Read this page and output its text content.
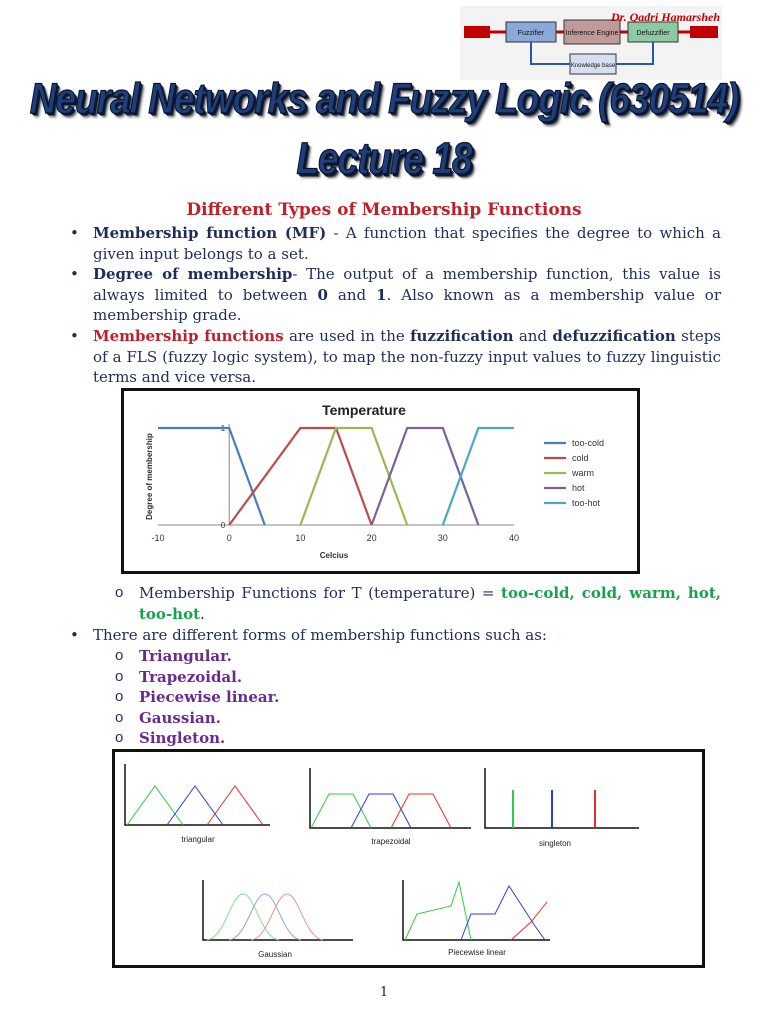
Fuzzifier	Inference Engine	Defuzzifier
Knowledge base
Dr. Qadri Hamarsheh
Neural Networks and Fuzzy Logic (630514)
Lecture 18
Different Types of Membership Functions
• Membership function (MF) - A function that specifies the degree to which a given input belongs to a set.
• Degree of membership- The output of a membership function, this value is always limited to between 0 and 1. Also known as a membership value or membership grade.
• Membership functions are used in the fuzzification and defuzzification steps of a FLS (fuzzy logic system), to map the non-fuzzy input values to fuzzy linguistic terms and vice versa.
Temperature
-10	0	10	20	30	40
0
1
Celcius
Degree of membership	too-cold
cold
warm
hot
too-hot
o Membership Functions for T (temperature) = too-cold, cold, warm, hot, too-hot.
• There are different forms of membership functions such as:
o Triangular.
o Trapezoidal.
o Piecewise linear.
o Gaussian.
o Singleton.
triangular	trapezoidal	singleton
Gaussian	Piecewise linear
1
